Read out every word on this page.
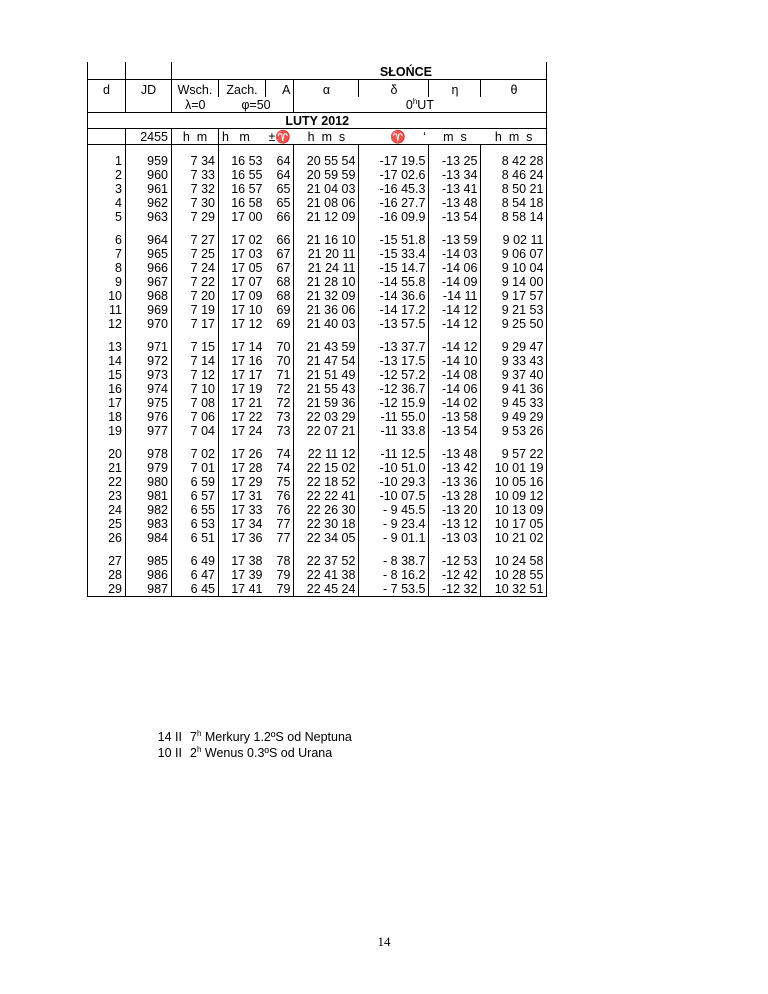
				SŁOŃCE				
d	JD	Wsch.	Zach.	A	α	δ	η	θ
		λ=0	φ=50			0$^h$UT		
LUTY 2012								
	2455	h  m	h   m	±♈	h  m  s	♈     ‘	m  s	h  m  s

1	959	7 34	16 53	64	20 55 54	-17 19.5	-13 25	8 42 28
2	960	7 33	16 55	64	20 59 59	-17 02.6	-13 34	8 46 24
3	961	7 32	16 57	65	21 04 03	-16 45.3	-13 41	8 50 21
4	962	7 30	16 58	65	21 08 06	-16 27.7	-13 48	8 54 18
5	963	7 29	17 00	66	21 12 09	-16 09.9	-13 54	8 58 14

6	964	7 27	17 02	66	21 16 10	-15 51.8	-13 59	9 02 11
7	965	7 25	17 03	67	21 20 11	-15 33.4	-14 03	9 06 07
8	966	7 24	17 05	67	21 24 11	-15 14.7	-14 06	9 10 04
9	967	7 22	17 07	68	21 28 10	-14 55.8	-14 09	9 14 00
10	968	7 20	17 09	68	21 32 09	-14 36.6	-14 11	9 17 57
11	969	7 19	17 10	69	21 36 06	-14 17.2	-14 12	9 21 53
12	970	7 17	17 12	69	21 40 03	-13 57.5	-14 12	9 25 50

13	971	7 15	17 14	70	21 43 59	-13 37.7	-14 12	9 29 47
14	972	7 14	17 16	70	21 47 54	-13 17.5	-14 10	9 33 43
15	973	7 12	17 17	71	21 51 49	-12 57.2	-14 08	9 37 40
16	974	7 10	17 19	72	21 55 43	-12 36.7	-14 06	9 41 36
17	975	7 08	17 21	72	21 59 36	-12 15.9	-14 02	9 45 33
18	976	7 06	17 22	73	22 03 29	-11 55.0	-13 58	9 49 29
19	977	7 04	17 24	73	22 07 21	-11 33.8	-13 54	9 53 26

20	978	7 02	17 26	74	22 11 12	-11 12.5	-13 48	9 57 22
21	979	7 01	17 28	74	22 15 02	-10 51.0	-13 42	10 01 19
22	980	6 59	17 29	75	22 18 52	-10 29.3	-13 36	10 05 16
23	981	6 57	17 31	76	22 22 41	-10 07.5	-13 28	10 09 12
24	982	6 55	17 33	76	22 26 30	- 9 45.5	-13 20	10 13 09
25	983	6 53	17 34	77	22 30 18	- 9 23.4	-13 12	10 17 05
26	984	6 51	17 36	77	22 34 05	- 9 01.1	-13 03	10 21 02

27	985	6 49	17 38	78	22 37 52	- 8 38.7	-12 53	10 24 58
28	986	6 47	17 39	79	22 41 38	- 8 16.2	-12 42	10 28 55
29	987	6 45	17 41	79	22 45 24	- 7 53.5	-12 32	10 32 51
14 II 7$^h$ Merkury 1.2ºS od Neptuna
10 II 2$^h$ Wenus 0.3ºS od Urana
14
